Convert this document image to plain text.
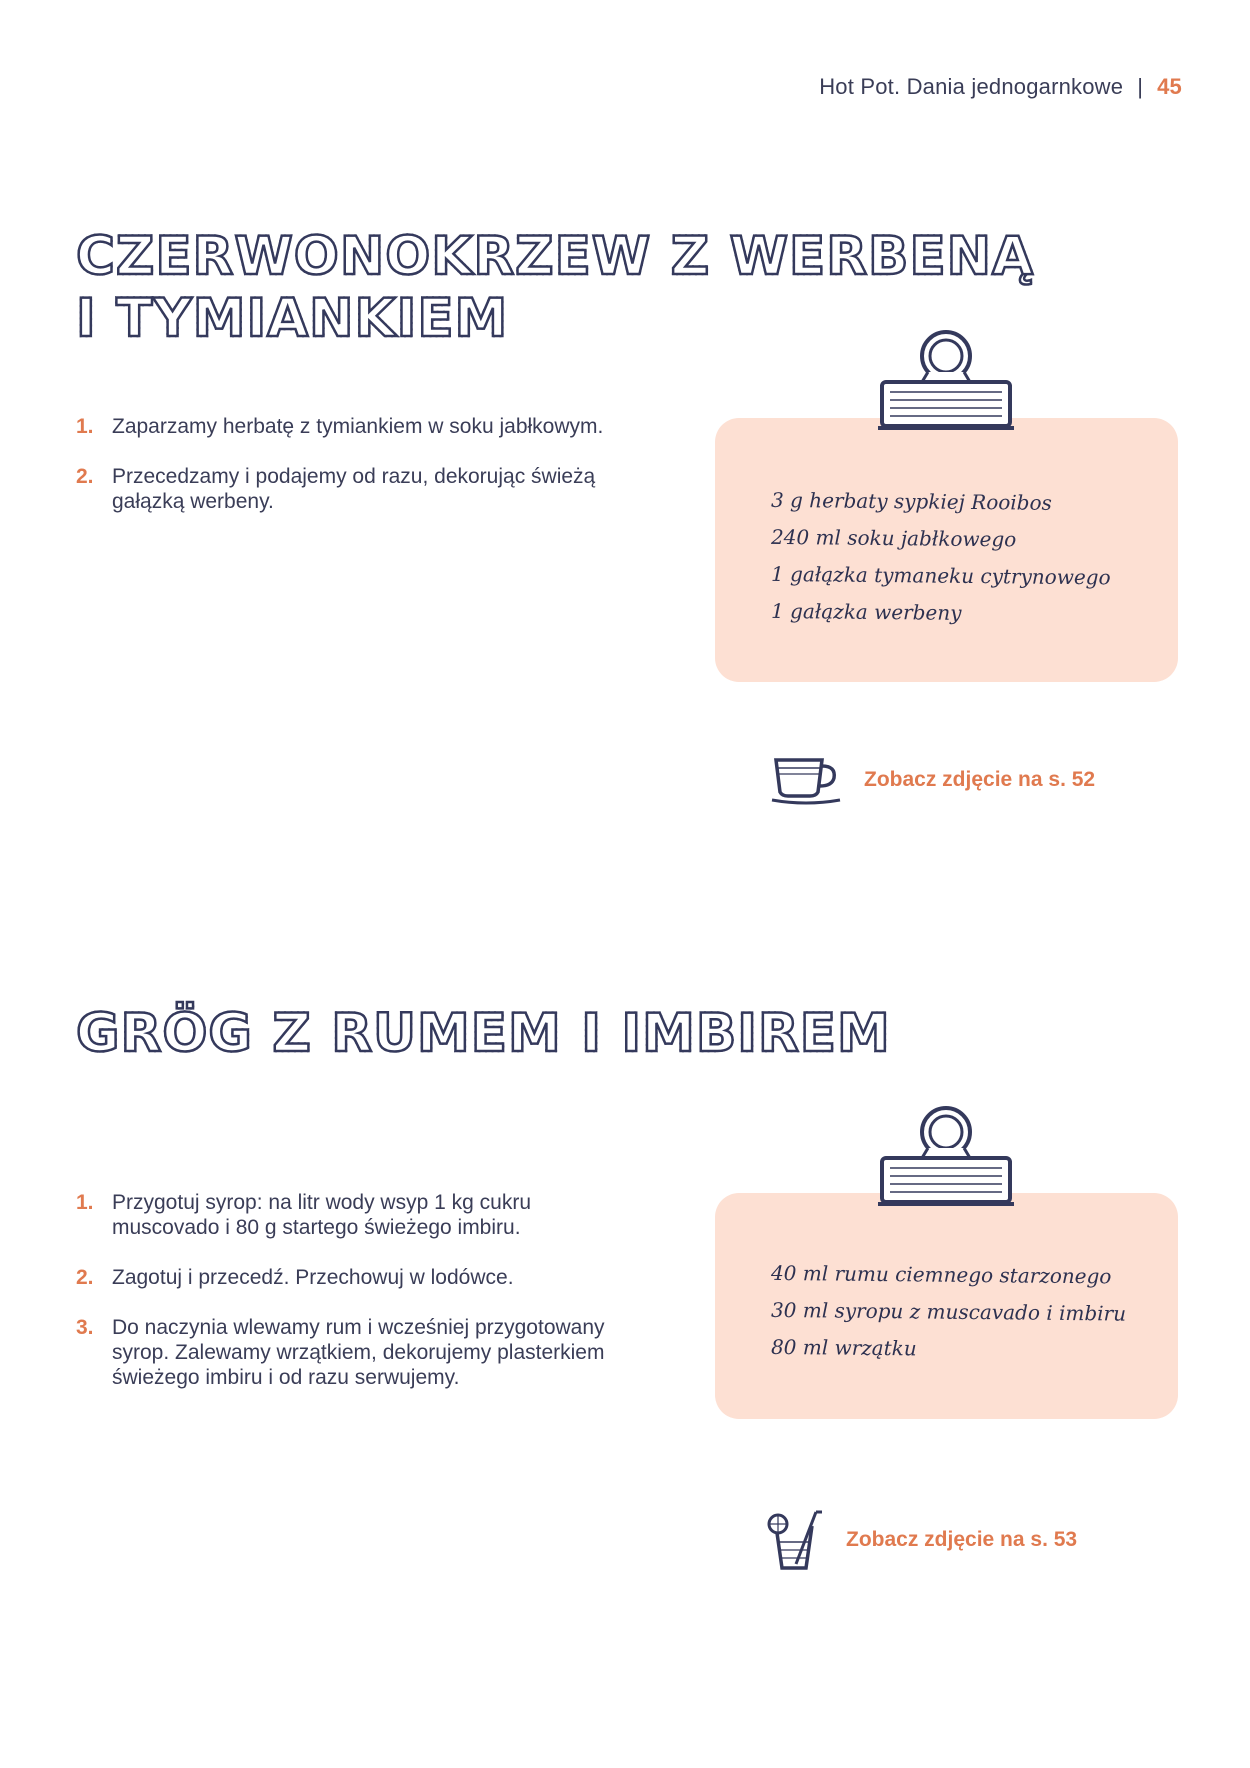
Hot Pot. Dania jednogarnkowe | 45
CZERWONOKRZEW Z WERBENĄ
I TYMIANKIEM
1. Zaparzamy herbatę z tymiankiem w soku jabłkowym.
2. Przecedzamy i podajemy od razu, dekorując świeżą gałązką werbeny.	3 g herbaty sypkiej Rooibos
240 ml soku jabłkowego
1 gałązka tymaneku cytrynowego
1 gałązka werbeny
Zobacz zdjęcie na s. 52
GRÖG Z RUMEM I IMBIREM
1. Przygotuj syrop: na litr wody wsyp 1 kg cukru muscovado i 80 g startego świeżego imbiru.
2. Zagotuj i przecedź. Przechowuj w lodówce.
3. Do naczynia wlewamy rum i wcześniej przygotowany syrop. Zalewamy wrzątkiem, dekorujemy plasterkiem świeżego imbiru i od razu serwujemy.
40 ml rumu ciemnego starzonego
30 ml syropu z muscavado i imbiru
80 ml wrzątku
Zobacz zdjęcie na s. 53
